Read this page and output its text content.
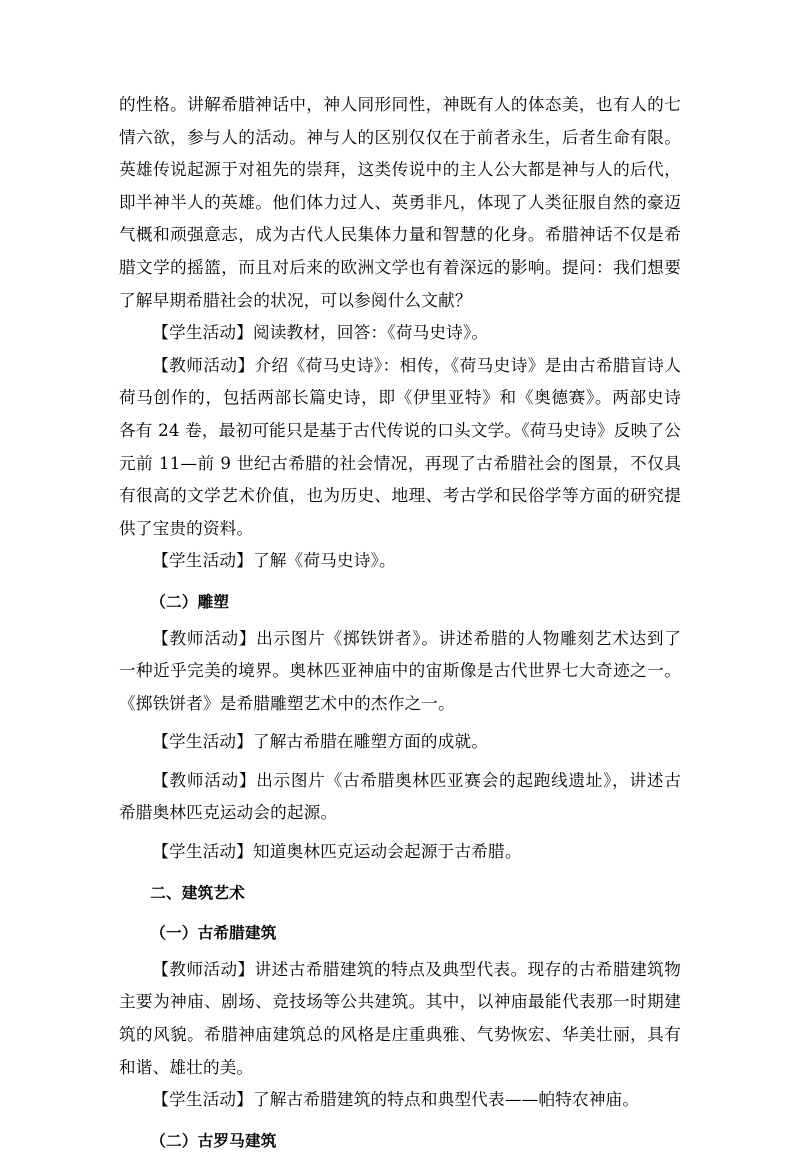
的性格。讲解希腊神话中，神人同形同性，神既有人的体态美，也有人的七情六欲，参与人的活动。神与人的区别仅仅在于前者永生，后者生命有限。英雄传说起源于对祖先的崇拜，这类传说中的主人公大都是神与人的后代，即半神半人的英雄。他们体力过人、英勇非凡，体现了人类征服自然的豪迈气概和顽强意志，成为古代人民集体力量和智慧的化身。希腊神话不仅是希腊文学的摇篮，而且对后来的欧洲文学也有着深远的影响。提问：我们想要了解早期希腊社会的状况，可以参阅什么文献？

【学生活动】阅读教材，回答：《荷马史诗》。

【教师活动】介绍《荷马史诗》：相传，《荷马史诗》是由古希腊盲诗人荷马创作的，包括两部长篇史诗，即《伊里亚特》和《奥德赛》。两部史诗各有 24 卷，最初可能只是基于古代传说的口头文学。《荷马史诗》反映了公元前 11—前 9 世纪古希腊的社会情况，再现了古希腊社会的图景，不仅具有很高的文学艺术价值，也为历史、地理、考古学和民俗学等方面的研究提供了宝贵的资料。

【学生活动】了解《荷马史诗》。

（二）雕塑

【教师活动】出示图片《掷铁饼者》。讲述希腊的人物雕刻艺术达到了一种近乎完美的境界。奥林匹亚神庙中的宙斯像是古代世界七大奇迹之一。《掷铁饼者》是希腊雕塑艺术中的杰作之一。

【学生活动】了解古希腊在雕塑方面的成就。

【教师活动】出示图片《古希腊奥林匹亚赛会的起跑线遗址》，讲述古希腊奥林匹克运动会的起源。

【学生活动】知道奥林匹克运动会起源于古希腊。

二、建筑艺术

（一）古希腊建筑

【教师活动】讲述古希腊建筑的特点及典型代表。现存的古希腊建筑物主要为神庙、剧场、竞技场等公共建筑。其中，以神庙最能代表那一时期建筑的风貌。希腊神庙建筑总的风格是庄重典雅、气势恢宏、华美壮丽，具有和谐、雄壮的美。

【学生活动】了解古希腊建筑的特点和典型代表——帕特农神庙。

（二）古罗马建筑
